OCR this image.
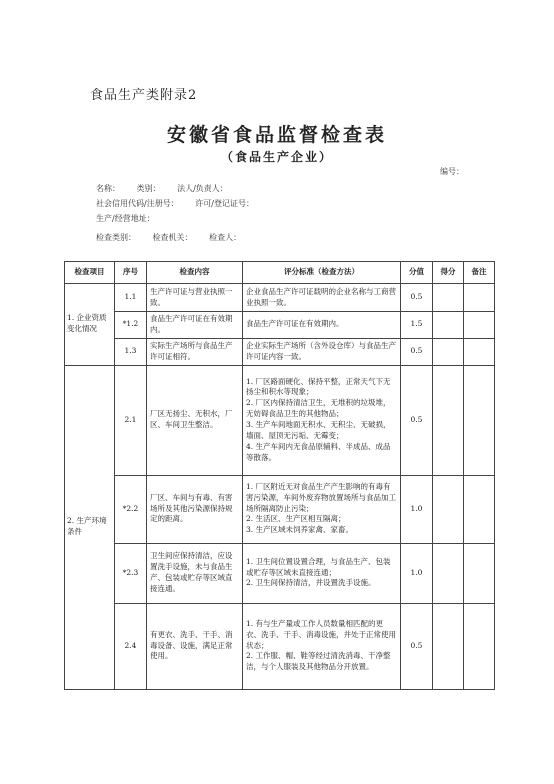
食品生产类附录2
安徽省食品监督检查表
（食品生产企业）
编号：
名称： 类别： 法人/负责人：
社会信用代码/注册号： 许可/登记证号：
生产/经营地址：
检查类别： 检查机关： 检查人：
检查项目	序号	检查内容	评分标准（检查方法）	分值	得分	备注
1. 企业资质变化情况	1.1	生产许可证与营业执照一致。	企业食品生产许可证载明的企业名称与工商营业执照一致。	0.5		
	*1.2	食品生产许可证在有效期内。	食品生产许可证在有效期内。	1.5		
	1.3	实际生产场所与食品生产许可证相符。	企业实际生产场所（含外设仓库）与食品生产许可证内容一致。	0.5		
2. 生产环境条件	2.1	厂区无扬尘、无积水，厂区、车间卫生整洁。	1. 厂区路面硬化、保持平整，正常天气下无扬尘和积水等现象；
2. 厂区内保持清洁卫生，无堆积的垃圾堆，无妨碍食品卫生的其他物品；
3. 生产车间地面无积水、无积尘、无破损，墙面、屋顶无污垢、无霉变；
4. 生产车间内无食品原辅料、半成品、成品等散落。	0.5		
	*2.2	厂区、车间与有毒、有害场所及其他污染源保持规定的距离。	1. 厂区附近无对食品生产产生影响的有毒有害污染源，车间外废弃物放置场所与食品加工场所隔离防止污染；
2. 生活区、生产区相互隔离；
3. 生产区域未饲养家禽、家畜。	1.0		
	*2.3	卫生间应保持清洁，应设置洗手设施，未与食品生产、包装或贮存等区域直接连通。	1. 卫生间位置设置合理，与食品生产、包装或贮存等区域未直接连通；
2. 卫生间保持清洁，并设置洗手设施。	1.0		
	2.4	有更衣、洗手、干手、消毒设备、设施，满足正常使用。	1. 有与生产量或工作人员数量相匹配的更衣、洗手、干手、消毒设施，并处于正常使用状态；
2. 工作服、帽、鞋等经过清洗消毒、干净整洁，与个人服装及其他物品分开放置。	0.5		
